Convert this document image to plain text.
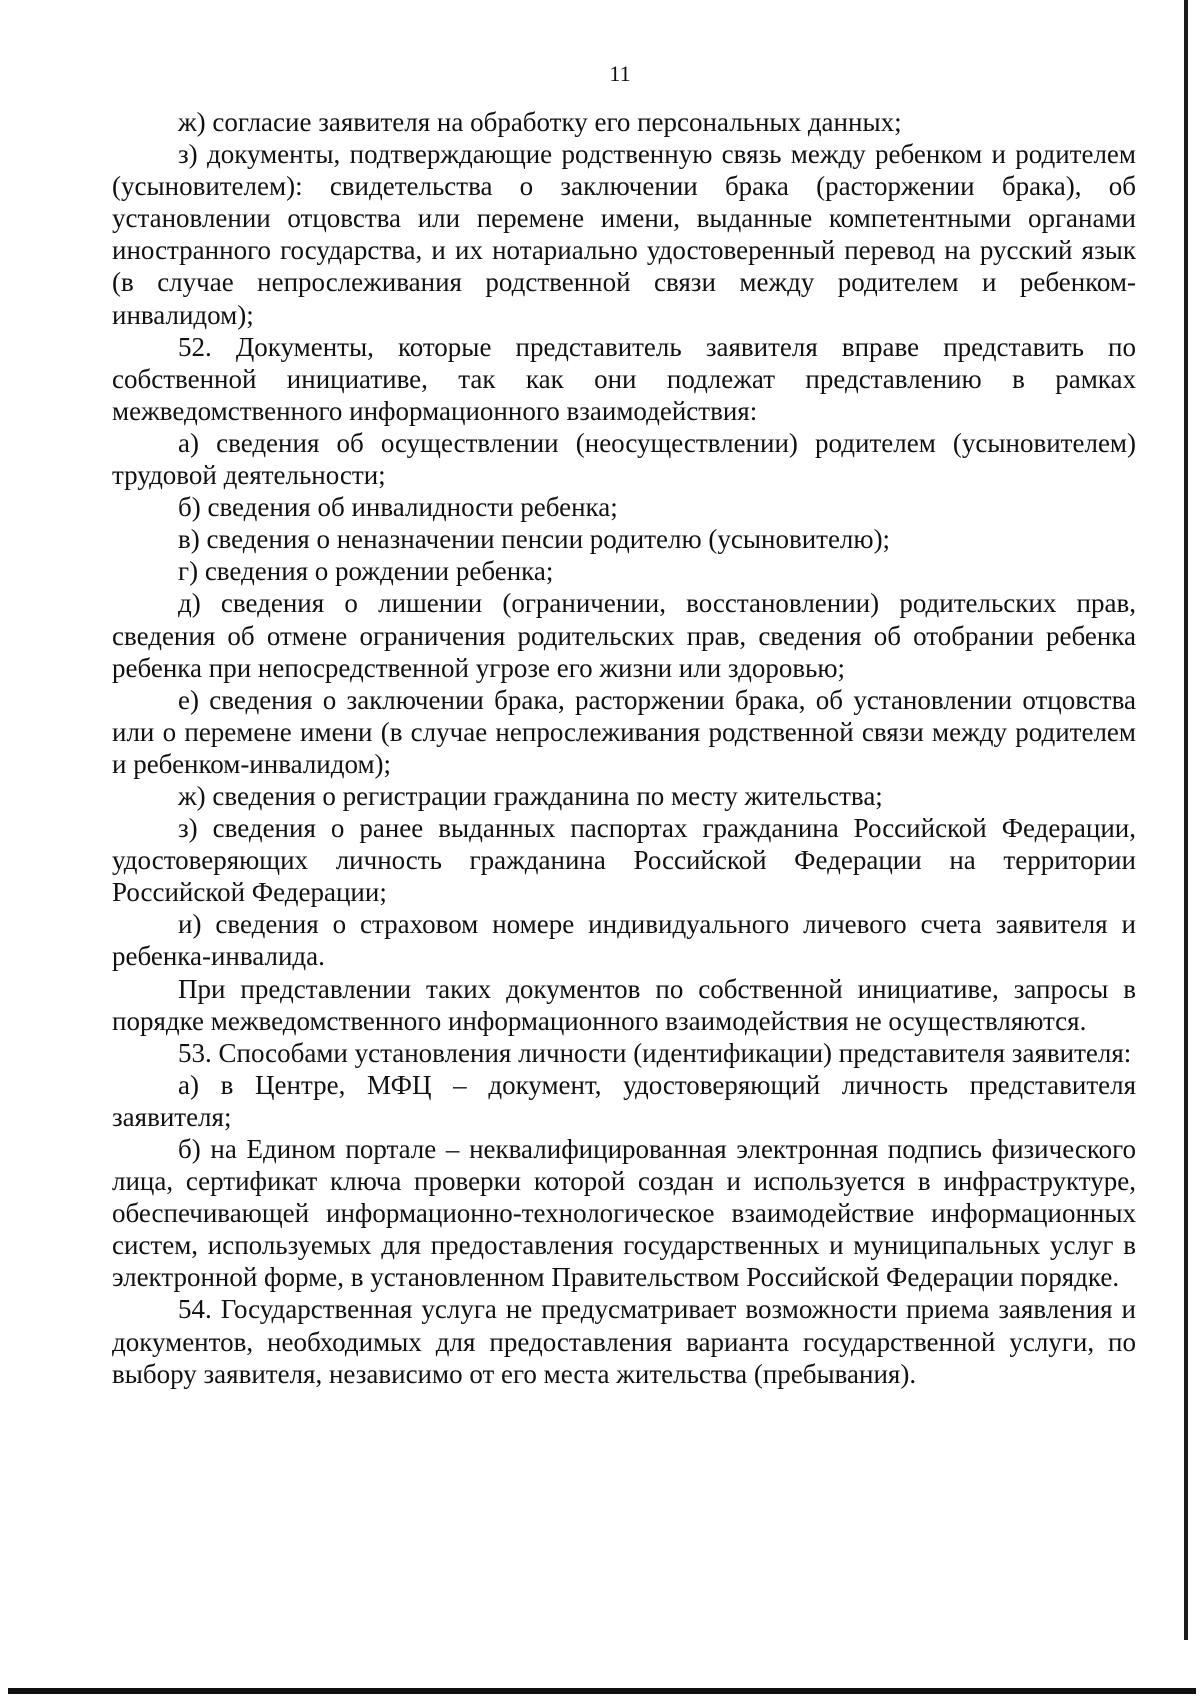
11

ж) согласие заявителя на обработку его персональных данных;

з) документы, подтверждающие родственную связь между ребенком и родителем (усыновителем): свидетельства о заключении брака (расторжении брака), об установлении отцовства или перемене имени, выданные компетентными органами иностранного государства, и их нотариально удостоверенный перевод на русский язык (в случае непрослеживания родственной связи между родителем и ребенком-инвалидом);

52. Документы, которые представитель заявителя вправе представить по собственной инициативе, так как они подлежат представлению в рамках межведомственного информационного взаимодействия:

а) сведения об осуществлении (неосуществлении) родителем (усыновителем) трудовой деятельности;

б) сведения об инвалидности ребенка;

в) сведения о неназначении пенсии родителю (усыновителю);

г) сведения о рождении ребенка;

д) сведения о лишении (ограничении, восстановлении) родительских прав, сведения об отмене ограничения родительских прав, сведения об отобрании ребенка ребенка при непосредственной угрозе его жизни или здоровью;

е) сведения о заключении брака, расторжении брака, об установлении отцовства или о перемене имени (в случае непрослеживания родственной связи между родителем и ребенком-инвалидом);

ж) сведения о регистрации гражданина по месту жительства;

з) сведения о ранее выданных паспортах гражданина Российской Федерации, удостоверяющих личность гражданина Российской Федерации на территории Российской Федерации;

и) сведения о страховом номере индивидуального личевого счета заявителя и ребенка-инвалида.

При представлении таких документов по собственной инициативе, запросы в порядке межведомственного информационного взаимодействия не осуществляются.

53. Способами установления личности (идентификации) представителя заявителя:

а) в Центре, МФЦ – документ, удостоверяющий личность представителя заявителя;

б) на Едином портале – неквалифицированная электронная подпись физического лица, сертификат ключа проверки которой создан и используется в инфраструктуре, обеспечивающей информационно-технологическое взаимодействие информационных систем, используемых для предоставления государственных и муниципальных услуг в электронной форме, в установленном Правительством Российской Федерации порядке.

54. Государственная услуга не предусматривает возможности приема заявления и документов, необходимых для предоставления варианта государственной услуги, по выбору заявителя, независимо от его места жительства (пребывания).
